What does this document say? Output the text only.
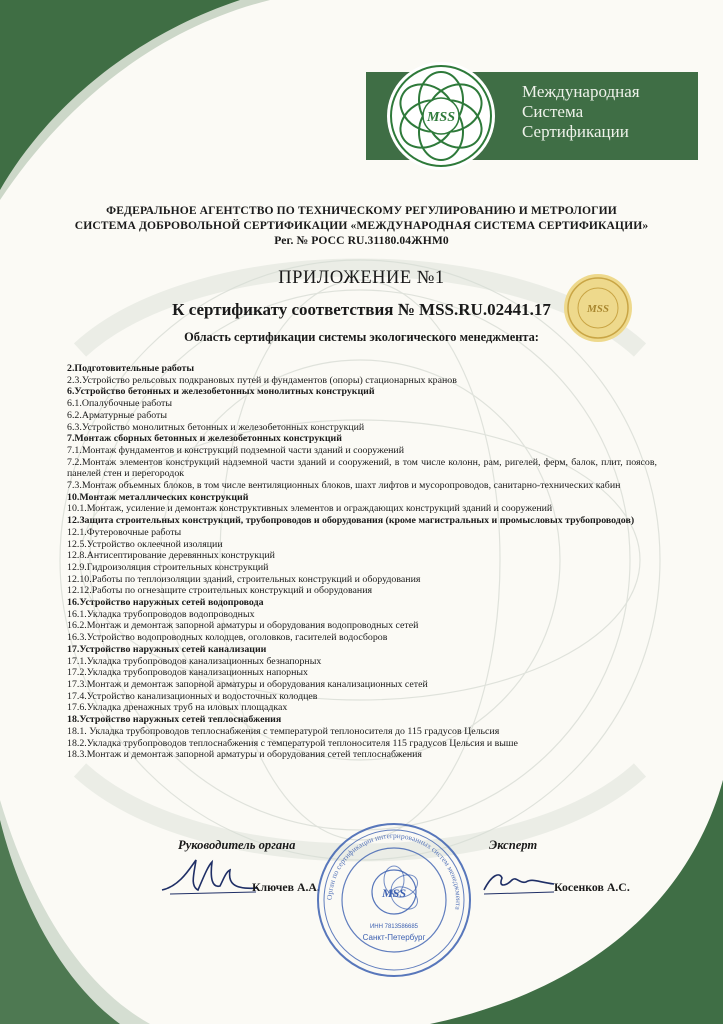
MSS
Международная
Система
Сертификации
ФЕДЕРАЛЬНОЕ АГЕНТСТВО ПО ТЕХНИЧЕСКОМУ РЕГУЛИРОВАНИЮ И МЕТРОЛОГИИ
СИСТЕМА ДОБРОВОЛЬНОЙ СЕРТИФИКАЦИИ «МЕЖДУНАРОДНАЯ СИСТЕМА СЕРТИФИКАЦИИ»
Рег. № РОСС RU.31180.04ЖНМ0
ПРИЛОЖЕНИЕ №1
К сертификату соответствия № MSS.RU.02441.17
Область сертификации системы экологического менеджмента:
MSS
2.Подготовительные работы
2.3.Устройство рельсовых подкрановых путей и фундаментов (опоры) стационарных кранов
6.Устройство бетонных и железобетонных монолитных конструкций
6.1.Опалубочные работы
6.2.Арматурные работы
6.3.Устройство монолитных бетонных и железобетонных конструкций
7.Монтаж сборных бетонных и железобетонных конструкций
7.1.Монтаж фундаментов и конструкций подземной части зданий и сооружений
7.2.Монтаж элементов конструкций надземной части зданий и сооружений, в том числе колонн, рам, ригелей, ферм, балок, плит, поясов, панелей стен и перегородок
7.3.Монтаж объемных блоков, в том числе вентиляционных блоков, шахт лифтов и мусоропроводов, санитарно-технических кабин
10.Монтаж металлических конструкций
10.1.Монтаж, усиление и демонтаж конструктивных элементов и ограждающих конструкций зданий и сооружений
12.Защита строительных конструкций, трубопроводов и оборудования (кроме магистральных и промысловых трубопроводов)
12.1.Футеровочные работы
12.5.Устройство оклеечной изоляции
12.8.Антисептирование деревянных конструкций
12.9.Гидроизоляция строительных конструкций
12.10.Работы по теплоизоляции зданий, строительных конструкций и оборудования
12.12.Работы по огнезащите строительных конструкций и оборудования
16.Устройство наружных сетей водопровода
16.1.Укладка трубопроводов водопроводных
16.2.Монтаж и демонтаж запорной арматуры и оборудования водопроводных сетей
16.3.Устройство водопроводных колодцев, оголовков, гасителей водосборов
17.Устройство наружных сетей канализации
17.1.Укладка трубопроводов канализационных безнапорных
17.2.Укладка трубопроводов канализационных напорных
17.3.Монтаж и демонтаж запорной арматуры и оборудования канализационных сетей
17.4.Устройство канализационных и водосточных колодцев
17.6.Укладка дренажных труб на иловых площадках
18.Устройство наружных сетей теплоснабжения
18.1. Укладка трубопроводов теплоснабжения с температурой теплоносителя до 115 градусов Цельсия
18.2.Укладка трубопроводов теплоснабжения с температурой теплоносителя 115 градусов Цельсия и выше
18.3.Монтаж и демонтаж запорной арматуры и оборудования сетей теплоснабжения
Руководитель органа	Эксперт
Ключев А.А.	Косенков А.С.
Орган по сертификации интегрированных систем менеджмента
MSS
ИНН 7813586685
Санкт-Петербург
